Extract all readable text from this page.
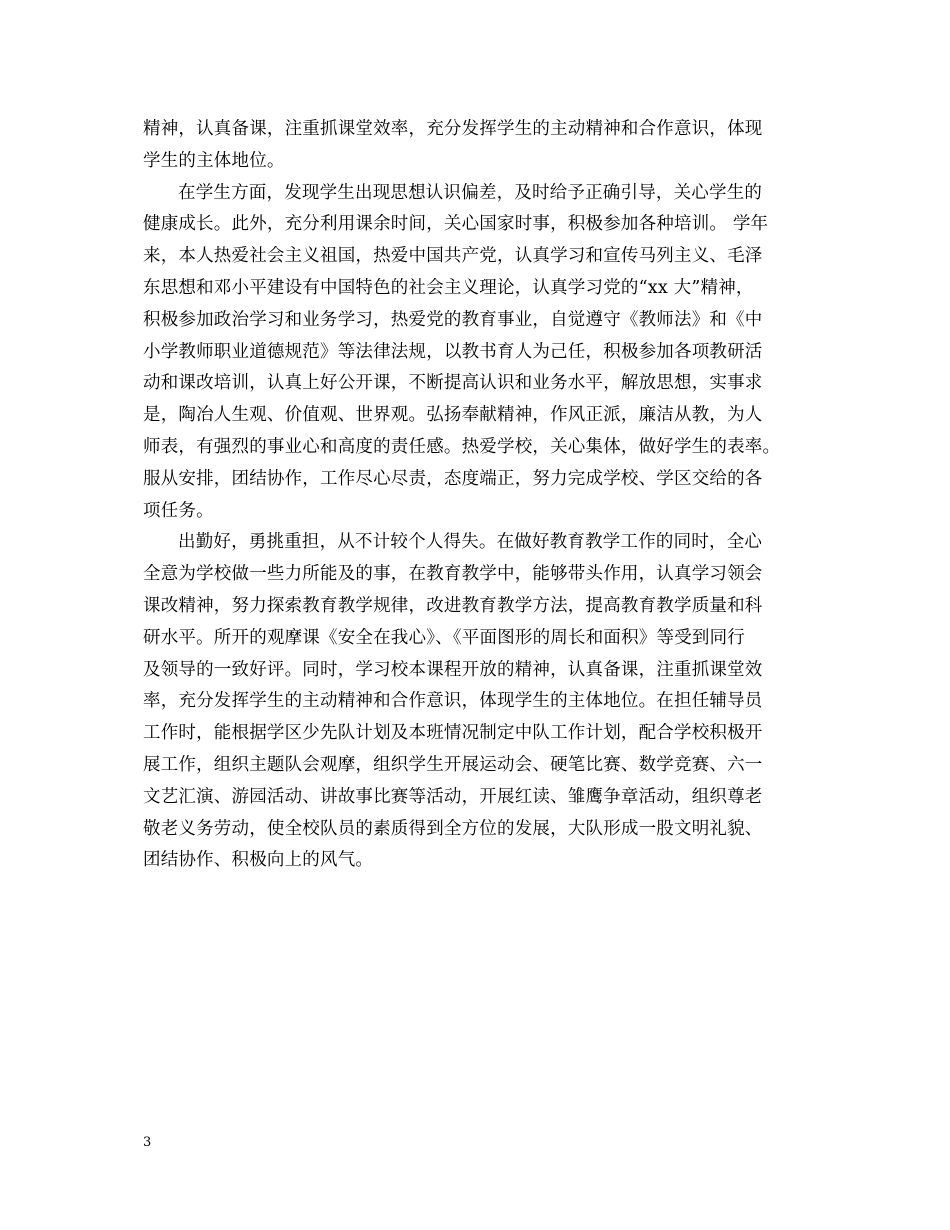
精神，认真备课，注重抓课堂效率，充分发挥学生的主动精神和合作意识，体现
学生的主体地位。
在学生方面，发现学生出现思想认识偏差，及时给予正确引导，关心学生的
健康成长。此外，充分利用课余时间，关心国家时事，积极参加各种培训。 学年
来，本人热爱社会主义祖国，热爱中国共产党，认真学习和宣传马列主义、毛泽
东思想和邓小平建设有中国特色的社会主义理论，认真学习党的“xx 大”精神，
积极参加政治学习和业务学习，热爱党的教育事业，自觉遵守《教师法》和《中
小学教师职业道德规范》等法律法规，以教书育人为己任，积极参加各项教研活
动和课改培训，认真上好公开课，不断提高认识和业务水平，解放思想，实事求
是，陶冶人生观、价值观、世界观。弘扬奉献精神，作风正派，廉洁从教，为人
师表，有强烈的事业心和高度的责任感。热爱学校，关心集体，做好学生的表率。
服从安排，团结协作，工作尽心尽责，态度端正，努力完成学校、学区交给的各
项任务。
出勤好，勇挑重担，从不计较个人得失。在做好教育教学工作的同时，全心
全意为学校做一些力所能及的事，在教育教学中，能够带头作用，认真学习领会
课改精神，努力探索教育教学规律，改进教育教学方法，提高教育教学质量和科
研水平。所开的观摩课《安全在我心》、《平面图形的周长和面积》等受到同行
及领导的一致好评。同时，学习校本课程开放的精神，认真备课，注重抓课堂效
率，充分发挥学生的主动精神和合作意识，体现学生的主体地位。在担任辅导员
工作时，能根据学区少先队计划及本班情况制定中队工作计划，配合学校积极开
展工作，组织主题队会观摩，组织学生开展运动会、硬笔比赛、数学竞赛、六一
文艺汇演、游园活动、讲故事比赛等活动，开展红读、雏鹰争章活动，组织尊老
敬老义务劳动，使全校队员的素质得到全方位的发展，大队形成一股文明礼貌、
团结协作、积极向上的风气。
3
